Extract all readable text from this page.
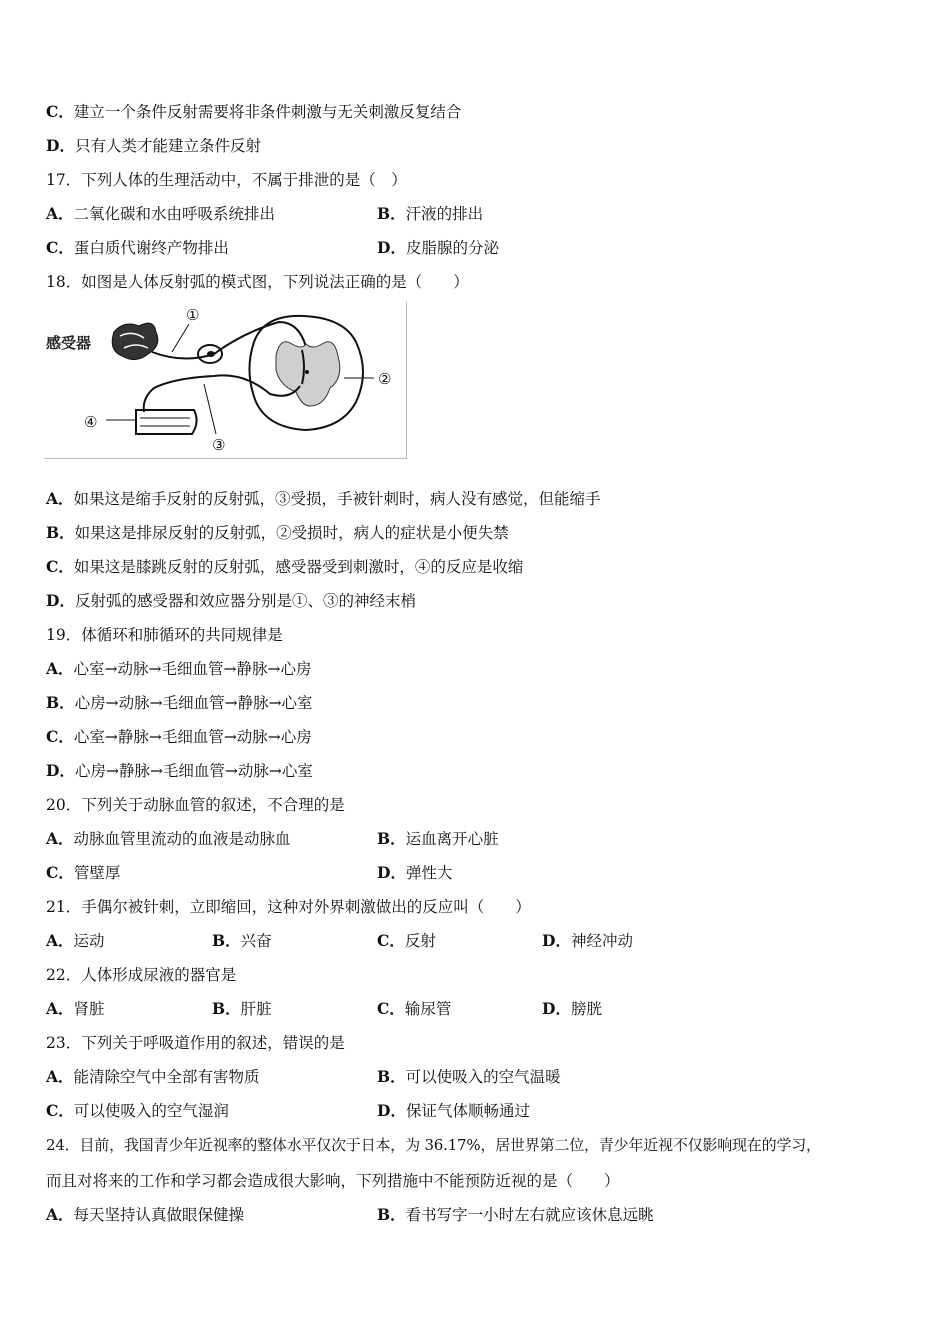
C．建立一个条件反射需要将非条件刺激与无关刺激反复结合
D．只有人类才能建立条件反射
17．下列人体的生理活动中，不属于排泄的是（　）
A．二氧化碳和水由呼吸系统排出	B．汗液的排出
C．蛋白质代谢终产物排出	D．皮脂腺的分泌
18．如图是人体反射弧的模式图，下列说法正确的是（　　）
感受器
①
②
④
③
A．如果这是缩手反射的反射弧，③受损，手被针刺时，病人没有感觉，但能缩手
B．如果这是排尿反射的反射弧，②受损时，病人的症状是小便失禁
C．如果这是膝跳反射的反射弧，感受器受到刺激时，④的反应是收缩
D．反射弧的感受器和效应器分别是①、③的神经末梢
19．体循环和肺循环的共同规律是
A．心室→动脉→毛细血管→静脉→心房
B．心房→动脉→毛细血管→静脉→心室
C．心室→静脉→毛细血管→动脉→心房
D．心房→静脉→毛细血管→动脉→心室
20．下列关于动脉血管的叙述，不合理的是
A．动脉血管里流动的血液是动脉血	B．运血离开心脏
C．管壁厚	D．弹性大
21．手偶尔被针刺，立即缩回，这种对外界刺激做出的反应叫（　　）
A．运动	B．兴奋	C．反射	D．神经冲动
22．人体形成尿液的器官是
A．肾脏	B．肝脏	C．输尿管	D．膀胱
23．下列关于呼吸道作用的叙述，错误的是
A．能清除空气中全部有害物质	B．可以使吸入的空气温暖
C．可以使吸入的空气湿润	D．保证气体顺畅通过
24．目前，我国青少年近视率的整体水平仅次于日本，为 36.17%，居世界第二位，青少年近视不仅影响现在的学习，
而且对将来的工作和学习都会造成很大影响，下列措施中不能预防近视的是（　　）
A．每天坚持认真做眼保健操	B．看书写字一小时左右就应该休息远眺
